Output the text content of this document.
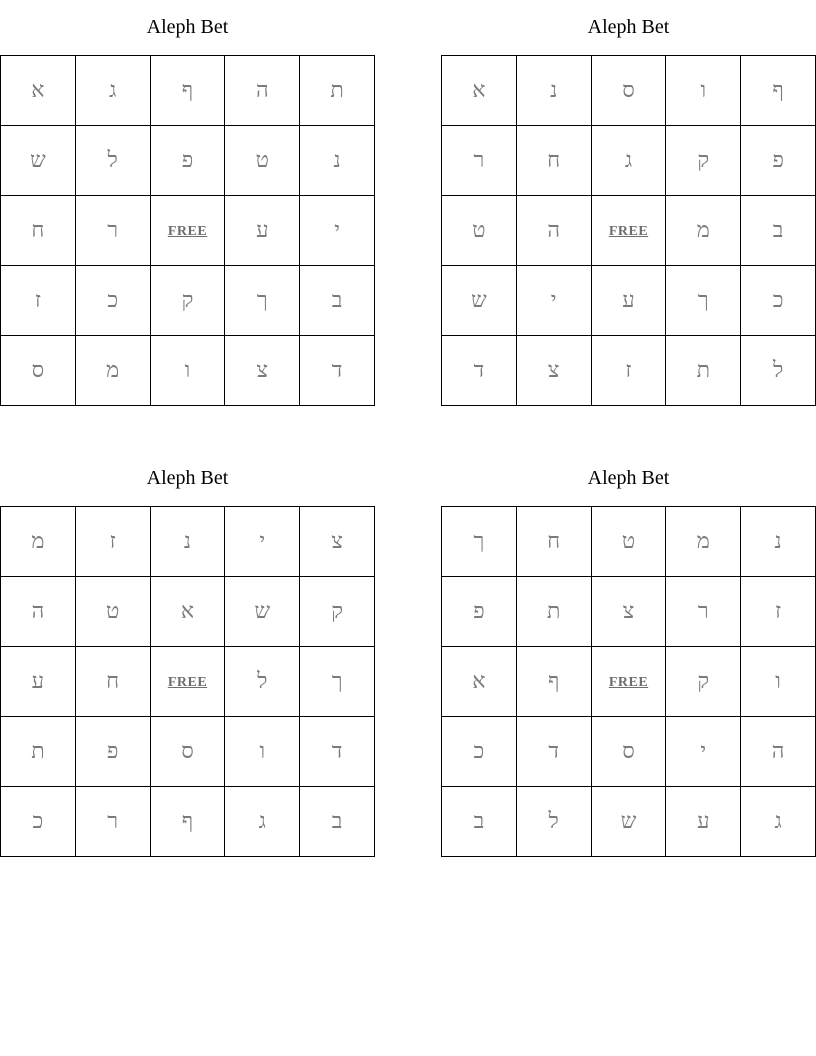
Aleph Bet
א	ג	ף	ה	ת
ש	ל	פ	ט	נ
ח	ר	FREE	ע	י
ז	כ	ק	ך	ב
ס	מ	ו	צ	ד
Aleph Bet
א	נ	ס	ו	ף
ר	ח	ג	ק	פ
ט	ה	FREE	מ	ב
ש	י	ע	ך	כ
ד	צ	ז	ת	ל
Aleph Bet
מ	ז	נ	י	צ
ה	ט	א	ש	ק
ע	ח	FREE	ל	ך
ת	פ	ס	ו	ד
כ	ר	ף	ג	ב
Aleph Bet
ך	ח	ט	מ	נ
פ	ת	צ	ר	ז
א	ף	FREE	ק	ו
כ	ד	ס	י	ה
ב	ל	ש	ע	ג
